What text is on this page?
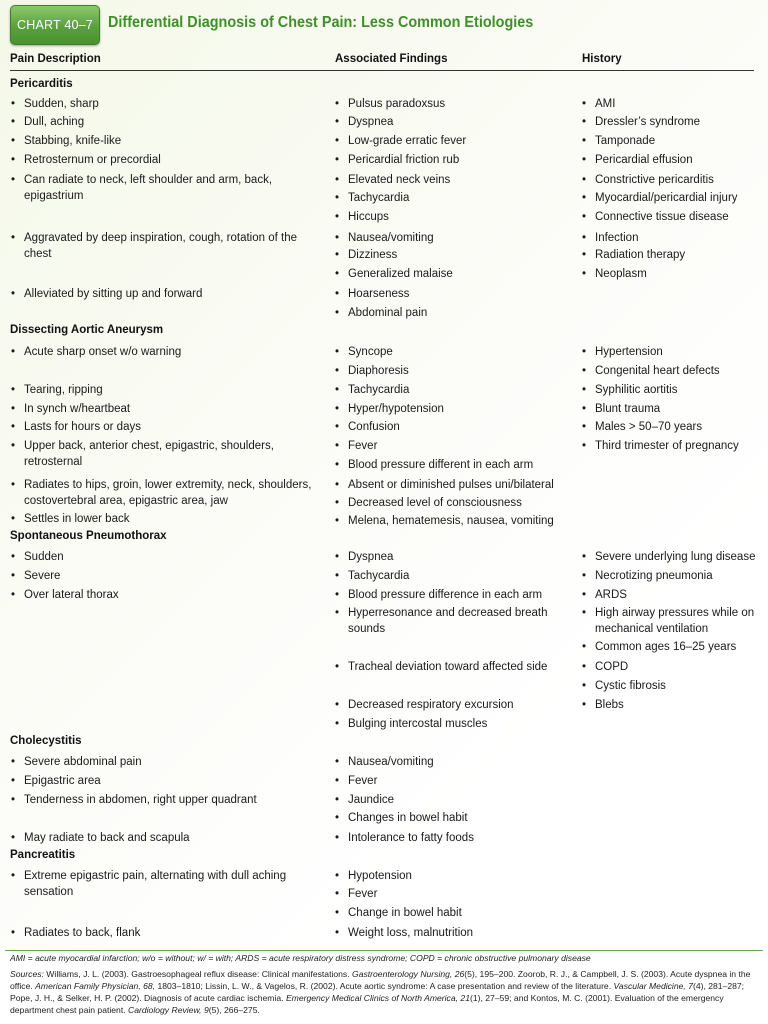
CHART 40–7 Differential Diagnosis of Chest Pain: Less Common Etiologies
Pain Description	Associated Findings	History
Pericarditis
• Sudden, sharp
• Dull, aching
• Stabbing, knife-like
• Retrosternum or precordial
• Can radiate to neck, left shoulder and arm, back, epigastrium
• Aggravated by deep inspiration, cough, rotation of the chest
• Alleviated by sitting up and forward
• Pulsus paradoxsus
• Dyspnea
• Low-grade erratic fever
• Pericardial friction rub
• Elevated neck veins
• Tachycardia
• Hiccups
• Nausea/vomiting
• Dizziness
• Generalized malaise
• Hoarseness
• Abdominal pain
• AMI
• Dressler’s syndrome
• Tamponade
• Pericardial effusion
• Constrictive pericarditis
• Myocardial/pericardial injury
• Connective tissue disease
• Infection
• Radiation therapy
• Neoplasm
Dissecting Aortic Aneurysm
• Acute sharp onset w/o warning
• Tearing, ripping
• In synch w/heartbeat
• Lasts for hours or days
• Upper back, anterior chest, epigastric, shoulders, retrosternal
• Radiates to hips, groin, lower extremity, neck, shoulders, costovertebral area, epigastric area, jaw
• Settles in lower back
• Syncope
• Diaphoresis
• Tachycardia
• Hyper/hypotension
• Confusion
• Fever
• Blood pressure different in each arm
• Absent or diminished pulses uni/bilateral
• Decreased level of consciousness
• Melena, hematemesis, nausea, vomiting
• Hypertension
• Congenital heart defects
• Syphilitic aortitis
• Blunt trauma
• Males > 50–70 years
• Third trimester of pregnancy
Spontaneous Pneumothorax
• Sudden
• Severe
• Over lateral thorax
• Dyspnea
• Tachycardia
• Blood pressure difference in each arm
• Hyperresonance and decreased breath sounds
• Tracheal deviation toward affected side
• Decreased respiratory excursion
• Bulging intercostal muscles
• Severe underlying lung disease
• Necrotizing pneumonia
• ARDS
• High airway pressures while on mechanical ventilation
• Common ages 16–25 years
• COPD
• Cystic fibrosis
• Blebs
Cholecystitis
• Severe abdominal pain
• Epigastric area
• Tenderness in abdomen, right upper quadrant
• May radiate to back and scapula
• Nausea/vomiting
• Fever
• Jaundice
• Changes in bowel habit
• Intolerance to fatty foods
Pancreatitis
• Extreme epigastric pain, alternating with dull aching sensation
• Radiates to back, flank
• Hypotension
• Fever
• Change in bowel habit
• Weight loss, malnutrition
AMI = acute myocardial infarction; w/o = without; w/ = with; ARDS = acute respiratory distress syndrome; COPD = chronic obstructive pulmonary disease
Sources: Williams, J. L. (2003). Gastroesophageal reflux disease: Clinical manifestations. Gastroenterology Nursing, 26(5), 195–200. Zoorob, R. J., & Campbell, J. S. (2003). Acute dyspnea in the office. American Family Physician, 68, 1803–1810; Lissin, L. W., & Vagelos, R. (2002). Acute aortic syndrome: A case presentation and review of the literature. Vascular Medicine, 7(4), 281–287; Pope, J. H., & Selker, H. P. (2002). Diagnosis of acute cardiac ischemia. Emergency Medical Clinics of North America, 21(1), 27–59; and Kontos, M. C. (2001). Evaluation of the emergency department chest pain patient. Cardiology Review, 9(5), 266–275.
